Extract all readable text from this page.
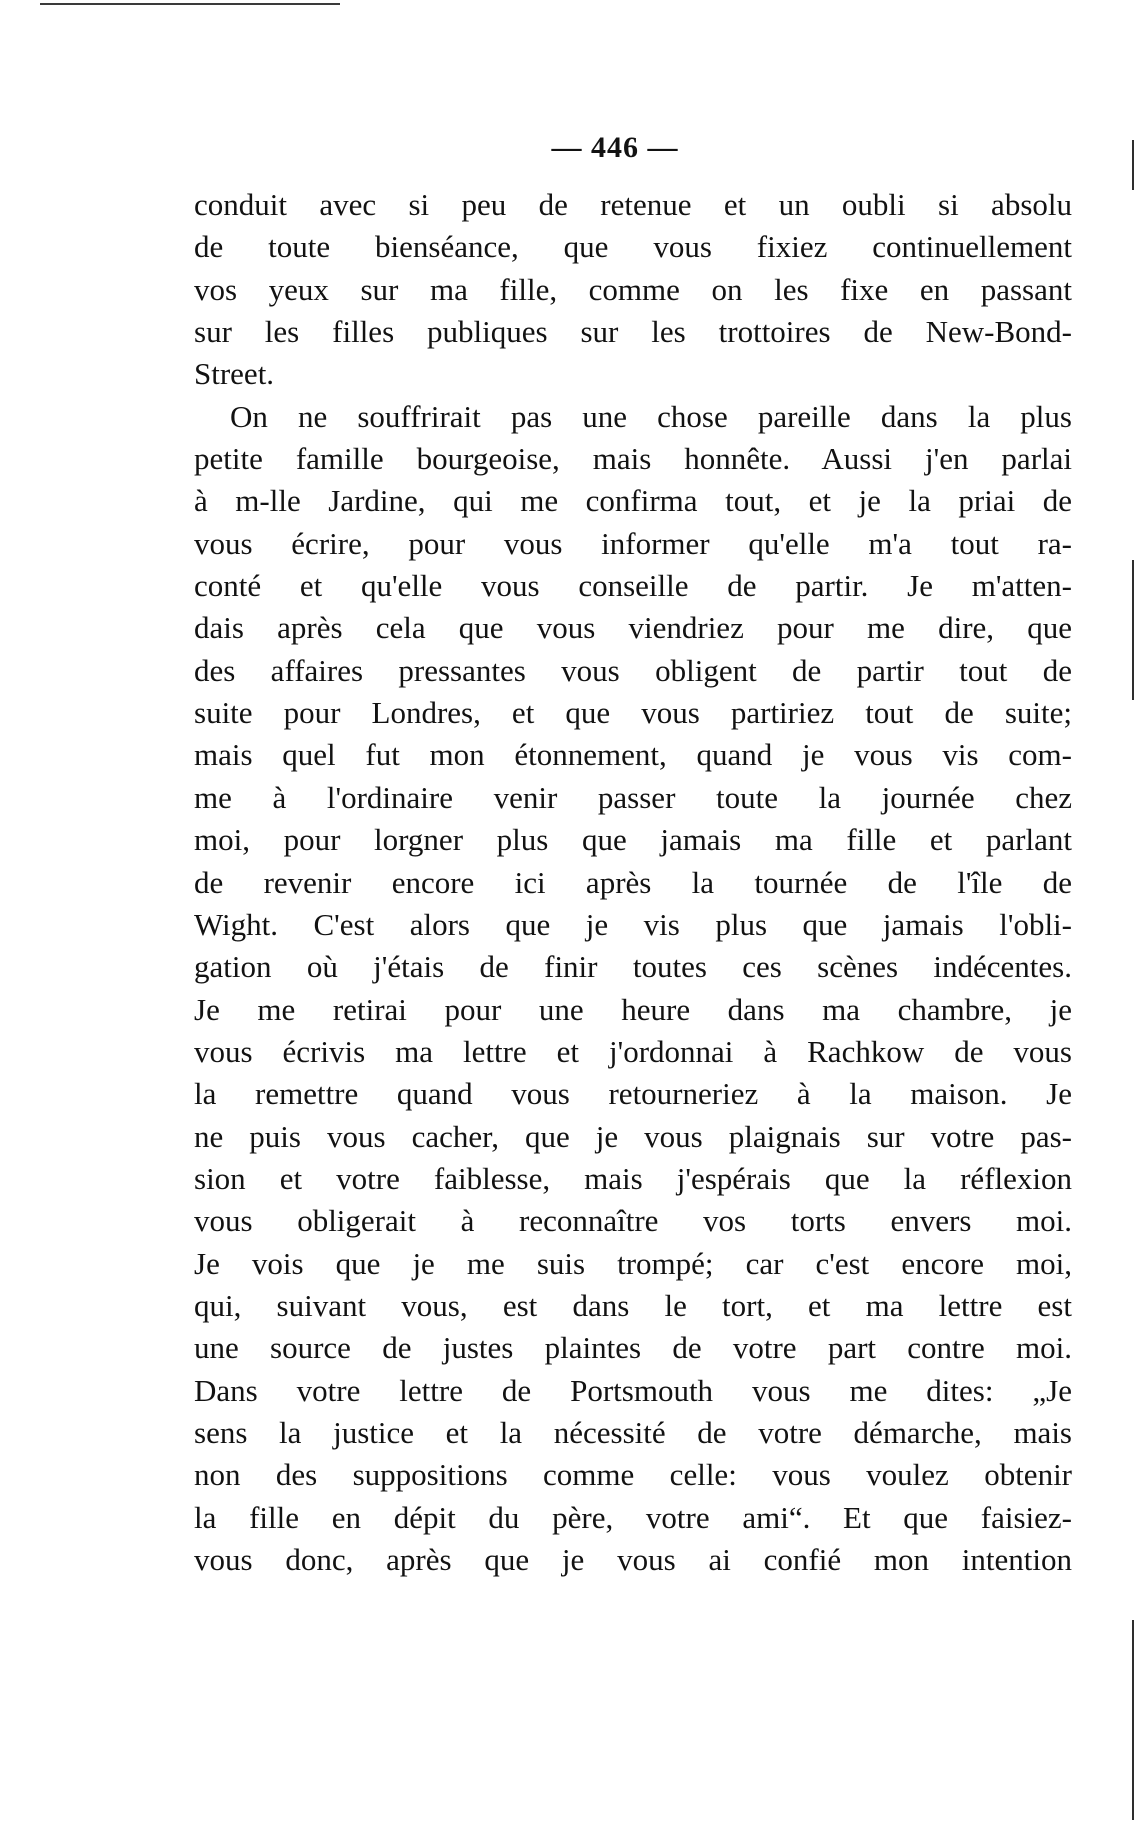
— 446 —
conduit avec si peu de retenue et un oubli si absolu
de toute bienséance, que vous fixiez continuellement
vos yeux sur ma fille, comme on les fixe en passant
sur les filles publiques sur les trottoires de New-Bond-
Street.
On ne souffrirait pas une chose pareille dans la plus
petite famille bourgeoise, mais honnête. Aussi j'en parlai
à m-lle Jardine, qui me confirma tout, et je la priai de
vous écrire, pour vous informer qu'elle m'a tout ra-
conté et qu'elle vous conseille de partir. Je m'atten-
dais après cela que vous viendriez pour me dire, que
des affaires pressantes vous obligent de partir tout de
suite pour Londres, et que vous partiriez tout de suite;
mais quel fut mon étonnement, quand je vous vis com-
me à l'ordinaire venir passer toute la journée chez
moi, pour lorgner plus que jamais ma fille et parlant
de revenir encore ici après la tournée de l'île de
Wight. C'est alors que je vis plus que jamais l'obli-
gation où j'étais de finir toutes ces scènes indécentes.
Je me retirai pour une heure dans ma chambre, je
vous écrivis ma lettre et j'ordonnai à Rachkow de vous
la remettre quand vous retourneriez à la maison. Je
ne puis vous cacher, que je vous plaignais sur votre pas-
sion et votre faiblesse, mais j'espérais que la réflexion
vous obligerait à reconnaître vos torts envers moi.
Je vois que je me suis trompé; car c'est encore moi,
qui, suivant vous, est dans le tort, et ma lettre est
une source de justes plaintes de votre part contre moi.
Dans votre lettre de Portsmouth vous me dites: „Je
sens la justice et la nécessité de votre démarche, mais
non des suppositions comme celle: vous voulez obtenir
la fille en dépit du père, votre ami“. Et que faisiez-
vous donc, après que je vous ai confié mon intention
